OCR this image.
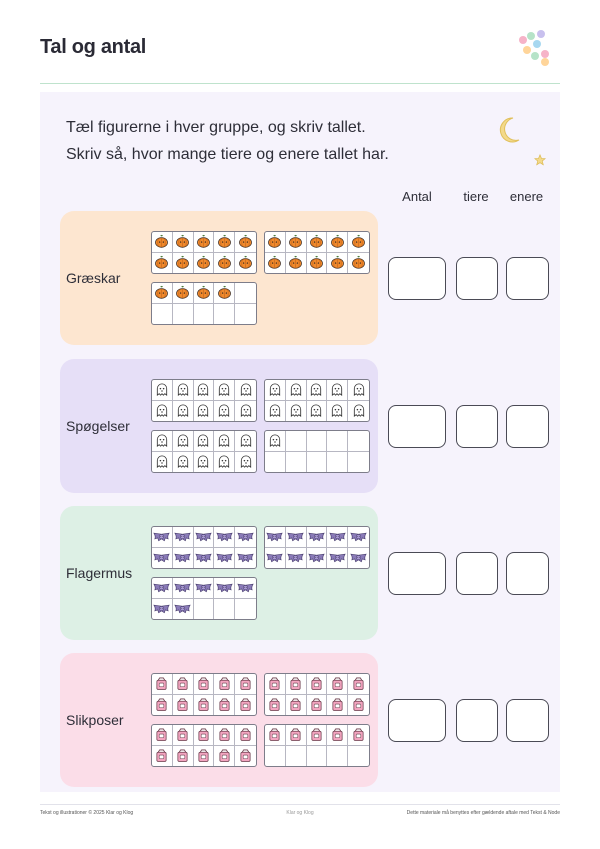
Tal og antal
Tæl figurerne i hver gruppe, og skriv tallet.
Skriv så, hvor mange tiere og enere tallet har.
Antal	tiere	enere
Græskar
Spøgelser
Flagermus
Slikposer
Tekst og illustrationer © 2025 Klar og Klog	Klar og Klog	Dette materiale må benyttes efter gældende aftale med Tekst & Node
